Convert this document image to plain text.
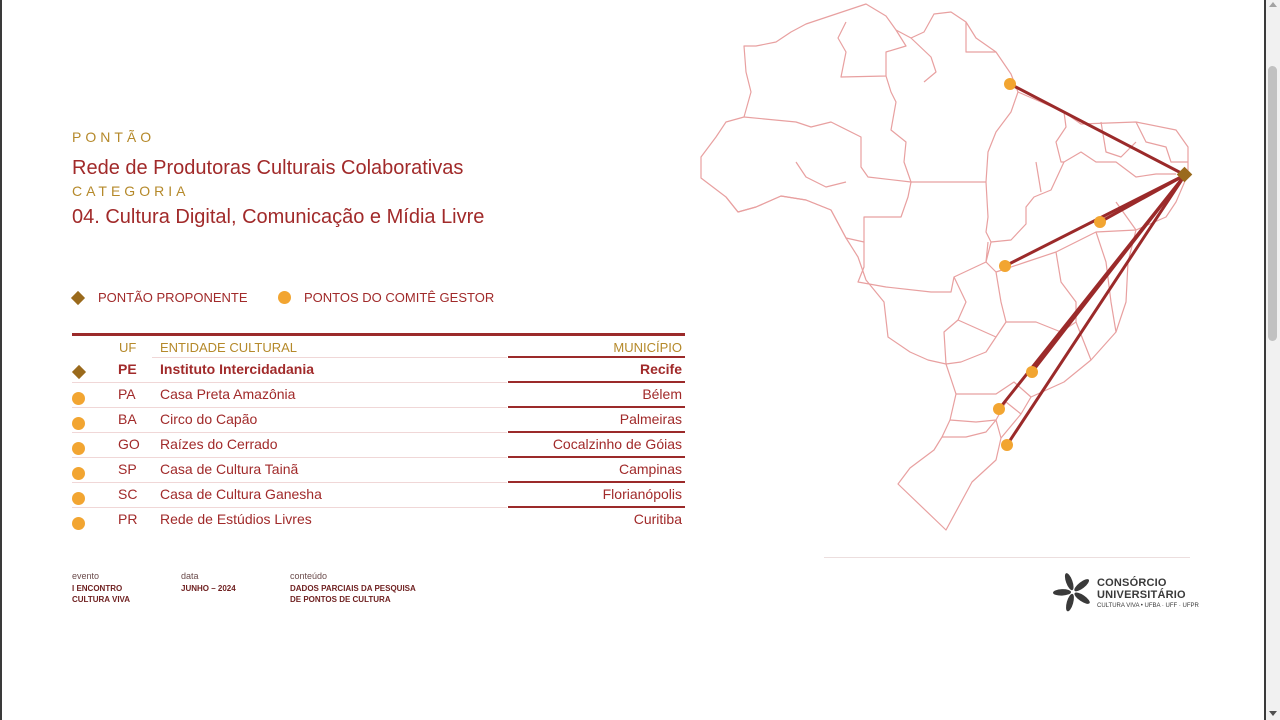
PONTÃO
Rede de Produtoras Culturais Colaborativas
CATEGORIA
04. Cultura Digital, Comunicação e Mídia Livre
PONTÃO PROPONENTE	PONTOS DO COMITÊ GESTOR
UF ENTIDADE CULTURAL	MUNICÍPIO
PE Instituto Intercidadania	Recife
PA Casa Preta Amazônia	Bélem
BA Circo do Capão	Palmeiras
GO Raízes do Cerrado	Cocalzinho de Góias
SP Casa de Cultura Tainã	Campinas
SC Casa de Cultura Ganesha	Florianópolis
PR Rede de Estúdios Livres	Curitiba
evento
I ENCONTRO
CULTURA VIVA
data
JUNHO – 2024
conteúdo
DADOS PARCIAIS DA PESQUISA
DE PONTOS DE CULTURA
CONSÓRCIO
UNIVERSITÁRIO
CULTURA VIVA • UFBA · UFF · UFPR
